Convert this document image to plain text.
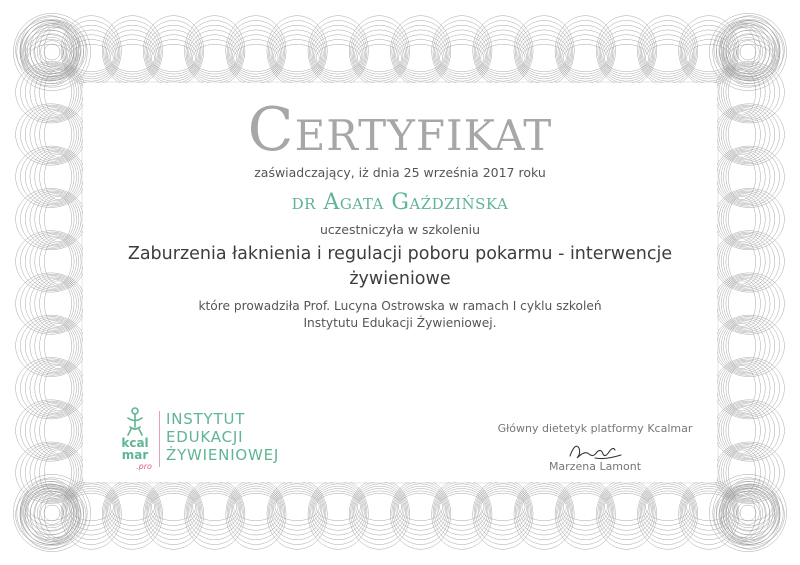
Certyfikat
zaświadczający, iż dnia 25 września 2017 roku
dr Agata Gaździńska
uczestniczyła w szkoleniu
Zaburzenia łaknienia i regulacji poboru pokarmu - interwencje żywieniowe
które prowadziła Prof. Lucyna Ostrowska w ramach I cyklu szkoleń
Instytutu Edukacji Żywieniowej.
kcal
mar
.pro
INSTYTUT
EDUKACJI
ŻYWIENIOWEJ
Główny dietetyk platformy Kcalmar
Marzena Lamont
